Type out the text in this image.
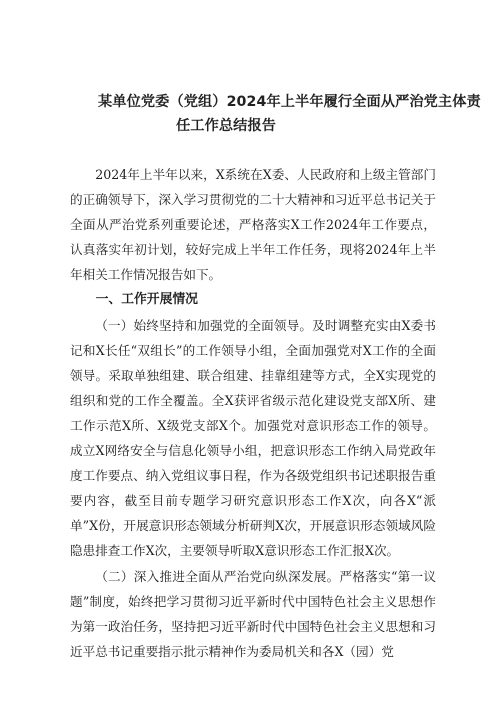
某单位党委（党组）2024年上半年履行全面从严治党主体责
任工作总结报告

2024年上半年以来，X系统在X委、人民政府和上级主管部门的正确领导下，深入学习贯彻党的二十大精神和习近平总书记关于全面从严治党系列重要论述，严格落实X工作2024年工作要点，认真落实年初计划，较好完成上半年工作任务，现将2024年上半年相关工作情况报告如下。

一、工作开展情况

（一）始终坚持和加强党的全面领导。及时调整充实由X委书记和X长任“双组长”的工作领导小组，全面加强党对X工作的全面领导。采取单独组建、联合组建、挂靠组建等方式，全X实现党的组织和党的工作全覆盖。全X获评省级示范化建设党支部X所、建工作示范X所、X级党支部X个。加强党对意识形态工作的领导。成立X网络安全与信息化领导小组，把意识形态工作纳入局党政年度工作要点、纳入党组议事日程，作为各级党组织书记述职报告重要内容，截至目前专题学习研究意识形态工作X次，向各X“派单”X份，开展意识形态领域分析研判X次，开展意识形态领域风险隐患排查工作X次，主要领导听取X意识形态工作汇报X次。

（二）深入推进全面从严治党向纵深发展。严格落实“第一议题”制度，始终把学习贯彻习近平新时代中国特色社会主义思想作为第一政治任务，坚持把习近平新时代中国特色社会主义思想和习近平总书记重要指示批示精神作为委局机关和各X（园）党
